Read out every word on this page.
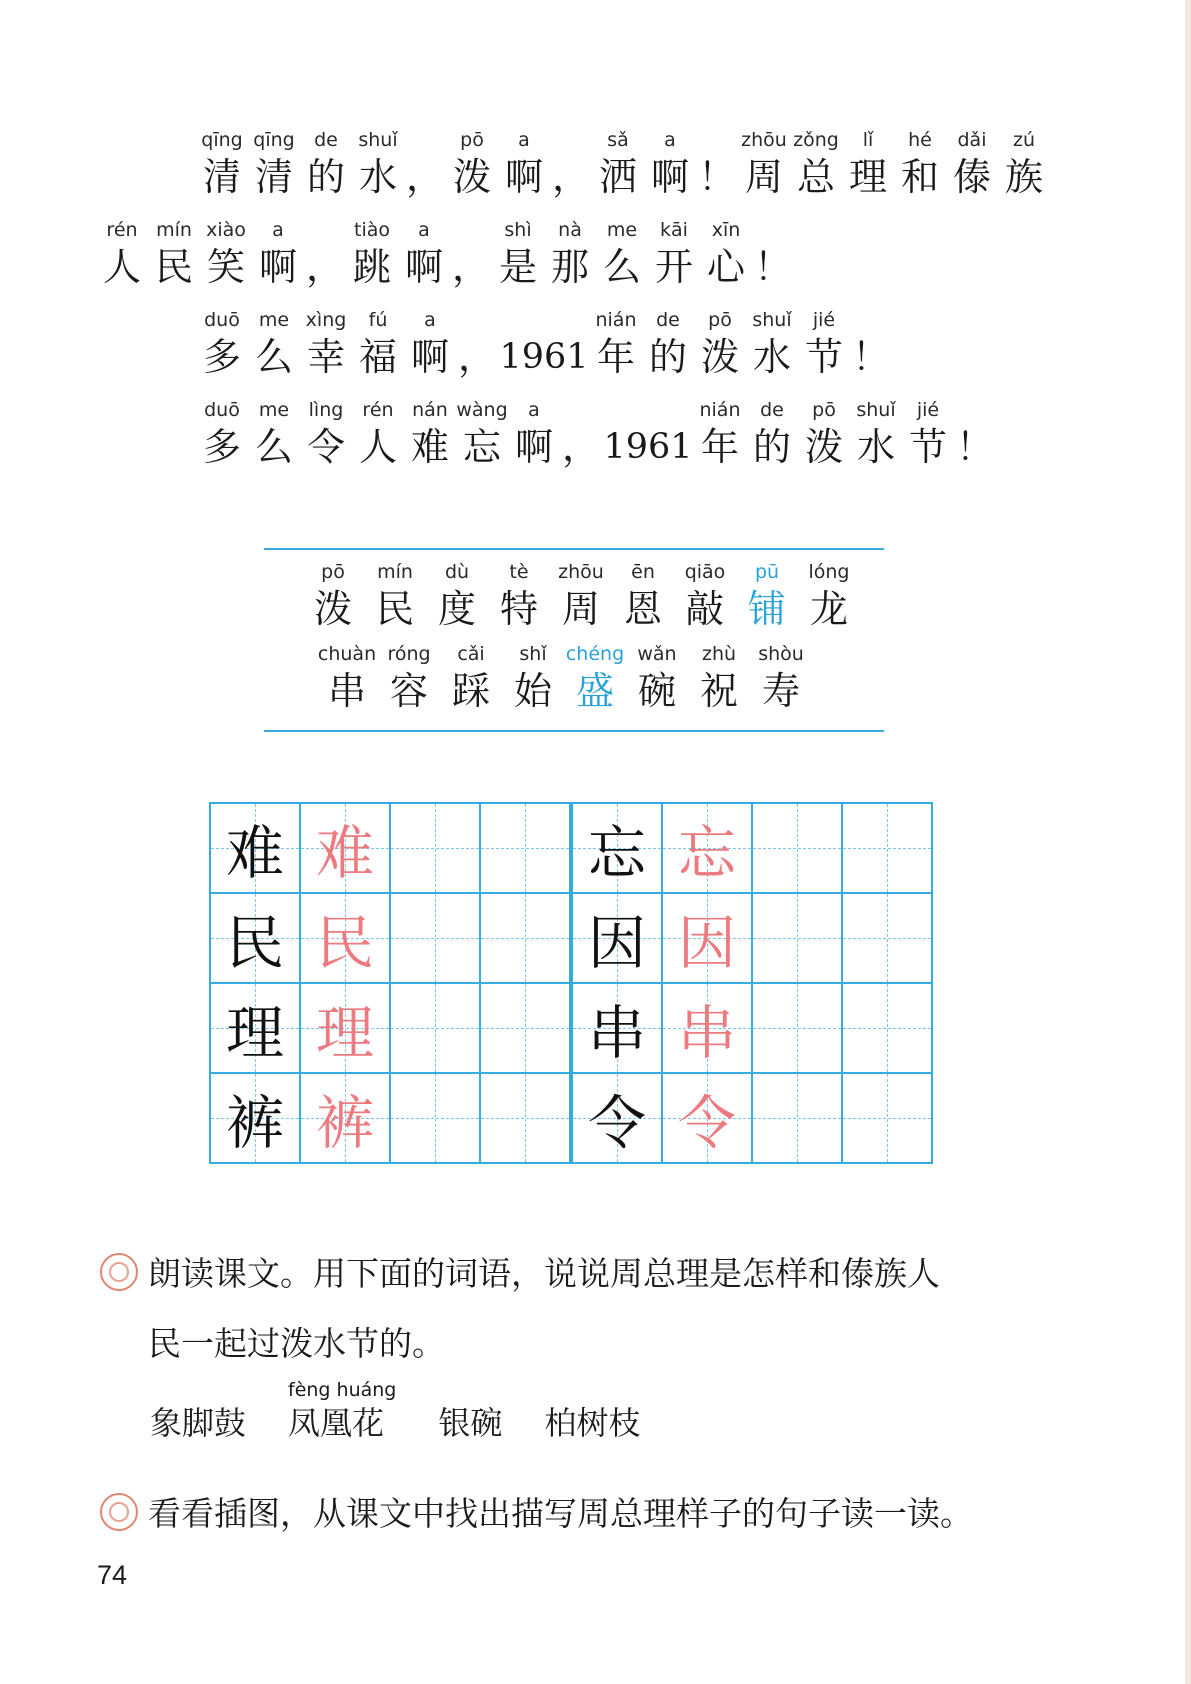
qīng
清
qīng
清
de
的
shuǐ
水 ，
pō
泼
a
啊 ，
sǎ
洒
a
啊 ！
zhōu
周
zǒng
总
lǐ
理
hé
和
dǎi
傣
zú
族
rén
人
mín
民
xiào
笑
a
啊 ，
tiào
跳
a
啊 ，
shì
是
nà
那
me
么
kāi
开
xīn
心 ！
duō
多
me
么
xìng
幸
fú
福
a
啊 ，
1961
nián
年
de
的
pō
泼
shuǐ
水
jié
节 ！
duō
多
me
么
lìng
令
rén
人
nán
难
wàng
忘
a
啊 ，
1961
nián
年
de
的
pō
泼
shuǐ
水
jié
节 ！
pō
泼
mín
民
dù
度
tè
特
zhōu
周
ēn
恩
qiāo
敲
pū
铺
lóng
龙
chuàn
串
róng
容
cǎi
踩
shǐ
始
chéng
盛
wǎn
碗
zhù
祝
shòu
寿
难	难			忘	忘		

民	民			因	因		

理	理			串	串		

裤	裤			令	令		

朗读课文。用下面的词语，说说周总理是怎样和傣族人
民一起过泼水节的。

象脚鼓
fèng huáng
凤凰花
	银碗
柏树枝
看看插图，从课文中找出描写周总理样子的句子读一读。
74
